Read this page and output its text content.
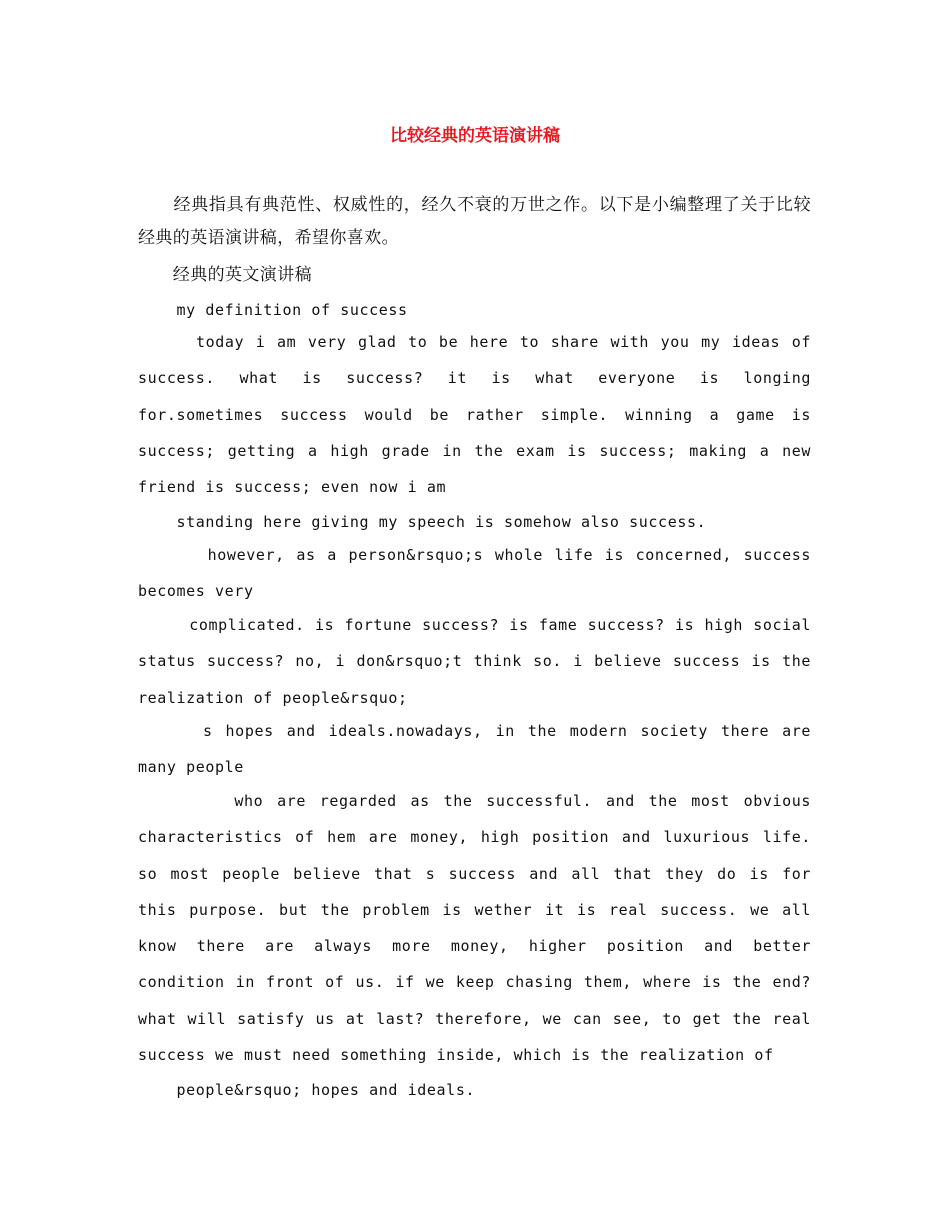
比较经典的英语演讲稿

　　经典指具有典范性、权威性的，经久不衰的万世之作。以下是小编整理了关于比较经典的英语演讲稿，希望你喜欢。

　　经典的英文演讲稿

my definition of success

today i am very glad to be here to share with you my ideas of success. what is success? it is what everyone is longing for.sometimes success would be rather simple. winning a game is success; getting a high grade in the exam is success; making a new friend is success; even now i am

standing here giving my speech is somehow also success.

however, as a person&rsquo;s whole life is concerned, success becomes very

complicated. is fortune success? is fame success? is high social status success? no, i don&rsquo;t think so. i believe success is the realization of people&rsquo;

s hopes and ideals.nowadays, in the modern society there are many people

who are regarded as the successful. and the most obvious characteristics of hem are money, high position and luxurious life. so most people believe that s success and all that they do is for this purpose. but the problem is wether it is real success. we all know there are always more money, higher position and better condition in front of us. if we keep chasing them, where is the end? what will satisfy us at last? therefore, we can see, to get the real success we must need something inside, which is the realization of

people&rsquo; hopes and ideals.
